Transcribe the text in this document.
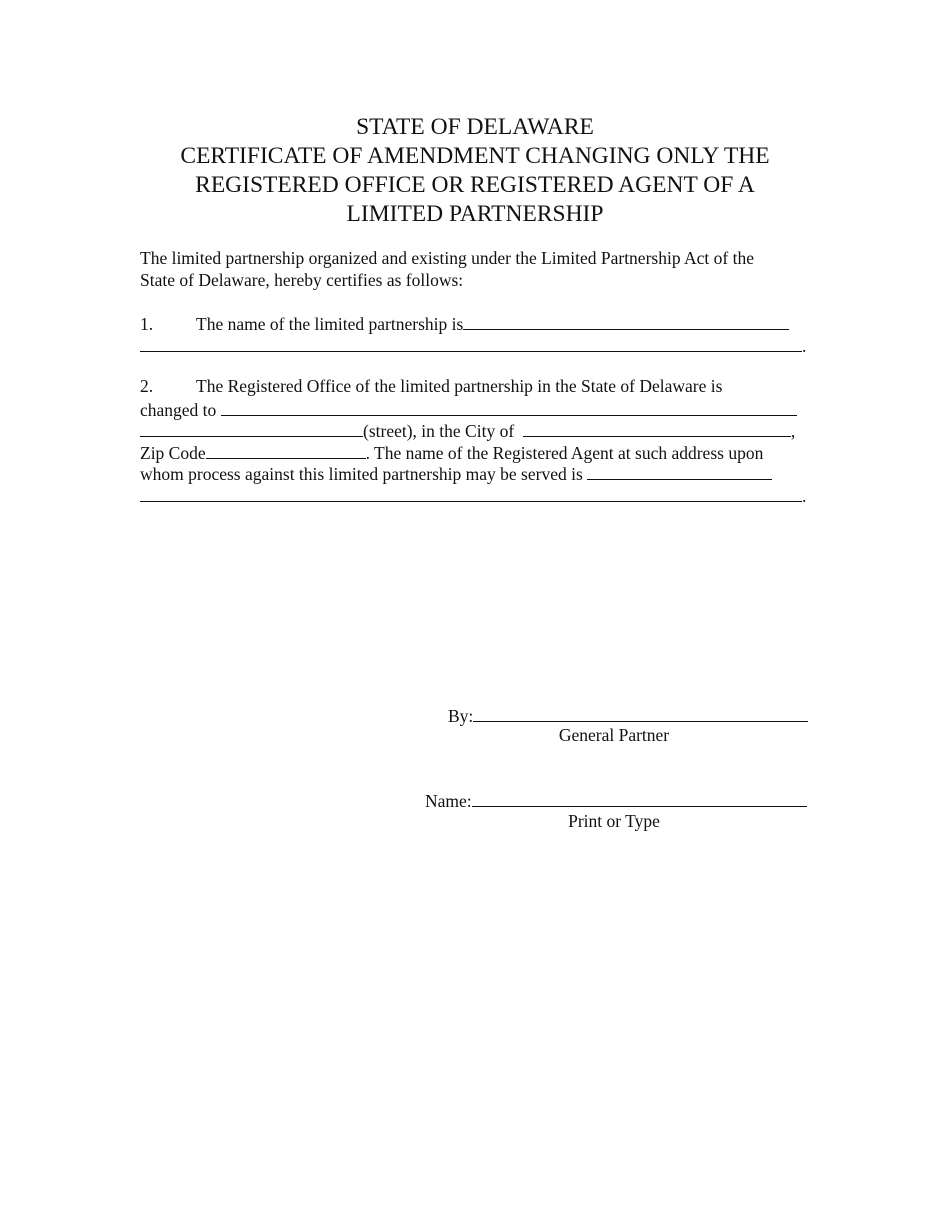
STATE OF DELAWARE
CERTIFICATE OF AMENDMENT CHANGING ONLY THE
REGISTERED OFFICE OR REGISTERED AGENT OF A
LIMITED PARTNERSHIP
The limited partnership organized and existing under the Limited Partnership Act of the
State of Delaware, hereby certifies as follows:
1. The name of the limited partnership is
.
2. The Registered Office of the limited partnership in the State of Delaware is
changed to
(street), in the City of	,
Zip Code	. The name of the Registered Agent at such address upon
whom process against this limited partnership may be served is
.
By:
General Partner
Name:
Print or Type
